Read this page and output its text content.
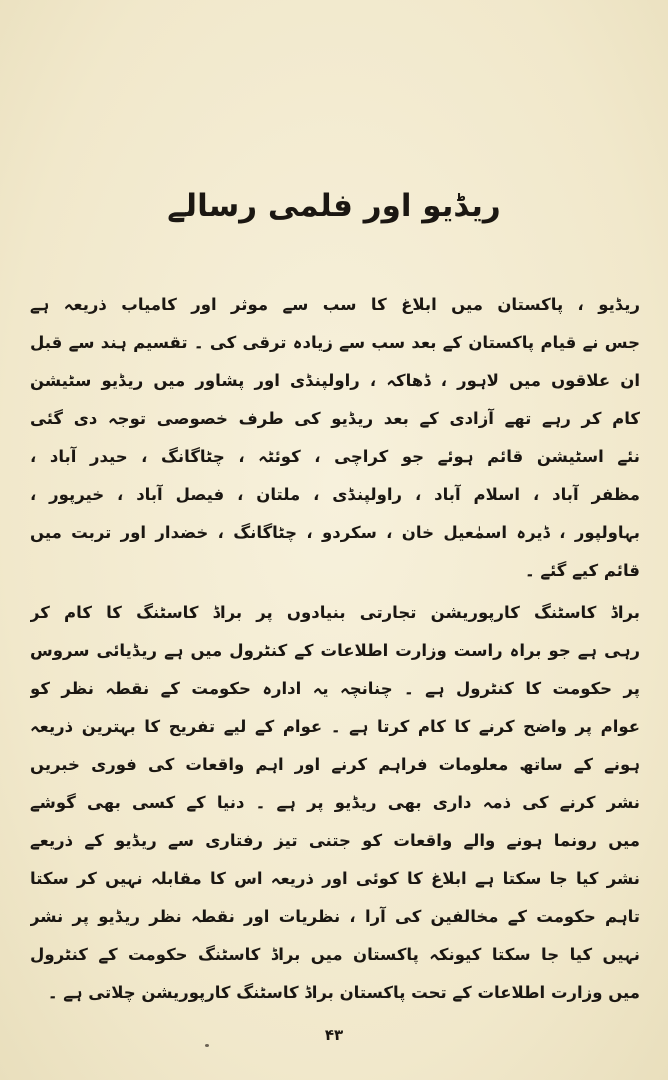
ریڈیو اور فلمی رسالے
ریڈیو ، پاکستان میں ابلاغ کا سب سے موثر اور کامیاب ذریعہ ہے
جس نے قیام پاکستان کے بعد سب سے زیادہ ترقی کی ۔ تقسیم ہند سے قبل
ان علاقوں میں لاہور ، ڈھاکہ ، راولپنڈی اور پشاور میں ریڈیو سٹیشن
کام کر رہے تھے آزادی کے بعد ریڈیو کی طرف خصوصی توجہ دی گئی
نئے اسٹیشن قائم ہوئے جو کراچی ، کوئٹہ ، چٹاگانگ ، حیدر آباد ،
مظفر آباد ، اسلام آباد ، راولپنڈی ، ملتان ، فیصل آباد ، خیرپور ،
بہاولپور ، ڈیرہ اسمٰعیل خان ، سکردو ، چٹاگانگ ، خضدار اور تربت میں
قائم کیے گئے ۔
براڈ کاسٹنگ کارپوریشن تجارتی بنیادوں پر براڈ کاسٹنگ کا کام کر
رہی ہے جو براہ راست وزارت اطلاعات کے کنٹرول میں ہے ریڈیائی سروس
پر حکومت کا کنٹرول ہے ۔ چنانچہ یہ ادارہ حکومت کے نقطہ نظر کو
عوام پر واضح کرنے کا کام کرتا ہے ۔ عوام کے لیے تفریح کا بہترین ذریعہ
ہونے کے ساتھ معلومات فراہم کرنے اور اہم واقعات کی فوری خبریں
نشر کرنے کی ذمہ داری بھی ریڈیو پر ہے ۔ دنیا کے کسی بھی گوشے
میں رونما ہونے والے واقعات کو جتنی تیز رفتاری سے ریڈیو کے ذریعے
نشر کیا جا سکتا ہے ابلاغ کا کوئی اور ذریعہ اس کا مقابلہ نہیں کر سکتا
تاہم حکومت کے مخالفین کی آرا ، نظریات اور نقطہ نظر ریڈیو پر نشر
نہیں کیا جا سکتا کیونکہ پاکستان میں براڈ کاسٹنگ حکومت کے کنٹرول
میں وزارت اطلاعات کے تحت پاکستان براڈ کاسٹنگ کارپوریشن چلاتی ہے ۔
۴۳
